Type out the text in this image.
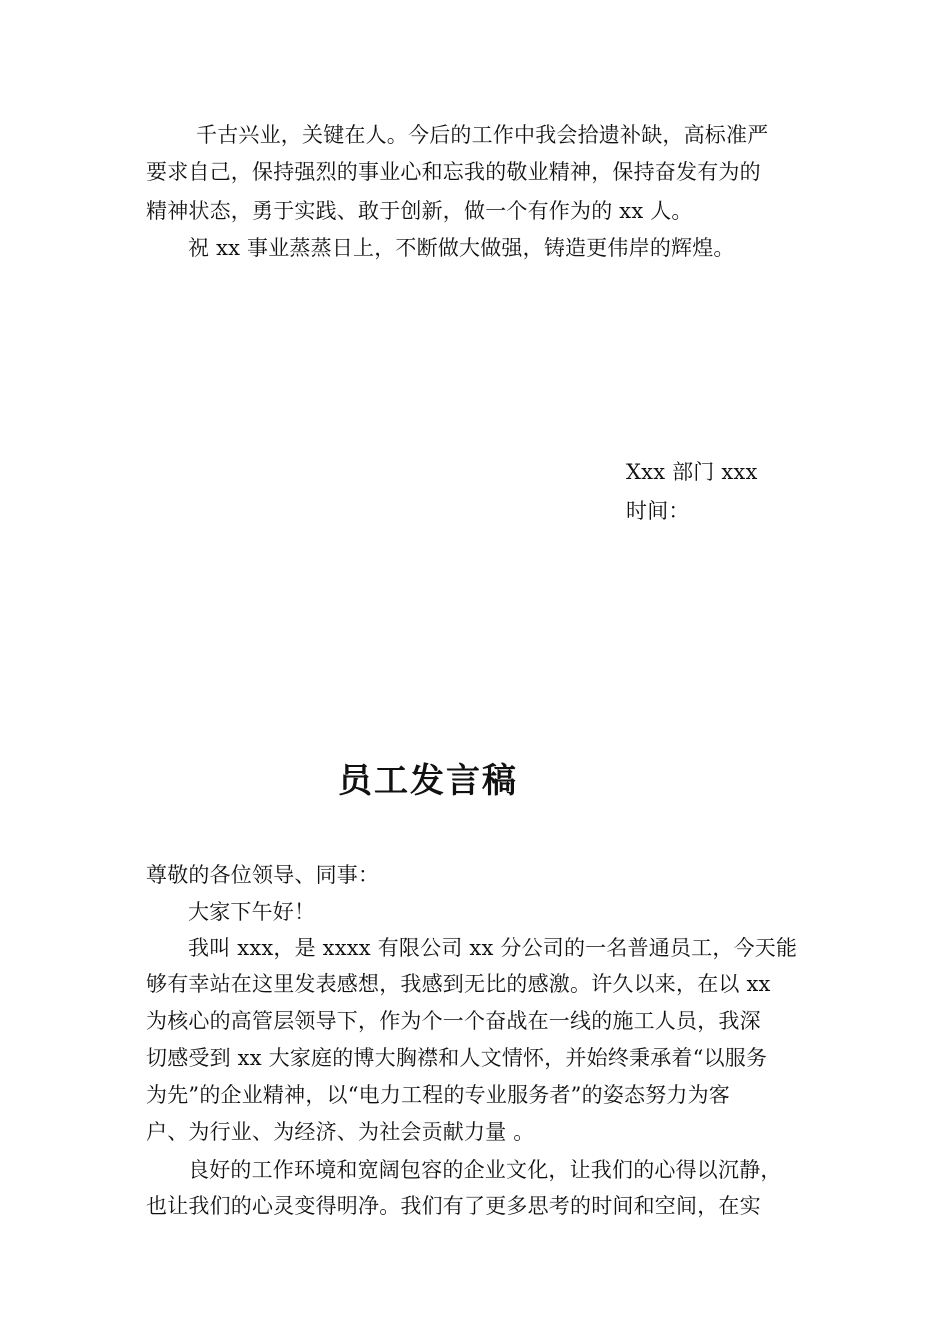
千古兴业，关键在人。今后的工作中我会拾遗补缺，高标准严
要求自己，保持强烈的事业心和忘我的敬业精神，保持奋发有为的
精神状态，勇于实践、敢于创新，做一个有作为的 xx 人。
祝 xx 事业蒸蒸日上，不断做大做强，铸造更伟岸的辉煌。
Xxx 部门 xxx
时间：
员工发言稿
尊敬的各位领导、同事：
大家下午好！
我叫 xxx，是 xxxx 有限公司 xx 分公司的一名普通员工，今天能
够有幸站在这里发表感想，我感到无比的感激。许久以来，在以 xx
为核心的高管层领导下，作为个一个奋战在一线的施工人员，我深
切感受到 xx 大家庭的博大胸襟和人文情怀，并始终秉承着“以服务
为先”的企业精神，以“电力工程的专业服务者”的姿态努力为客
户、为行业、为经济、为社会贡献力量 。
良好的工作环境和宽阔包容的企业文化，让我们的心得以沉静，
也让我们的心灵变得明净。我们有了更多思考的时间和空间，在实
